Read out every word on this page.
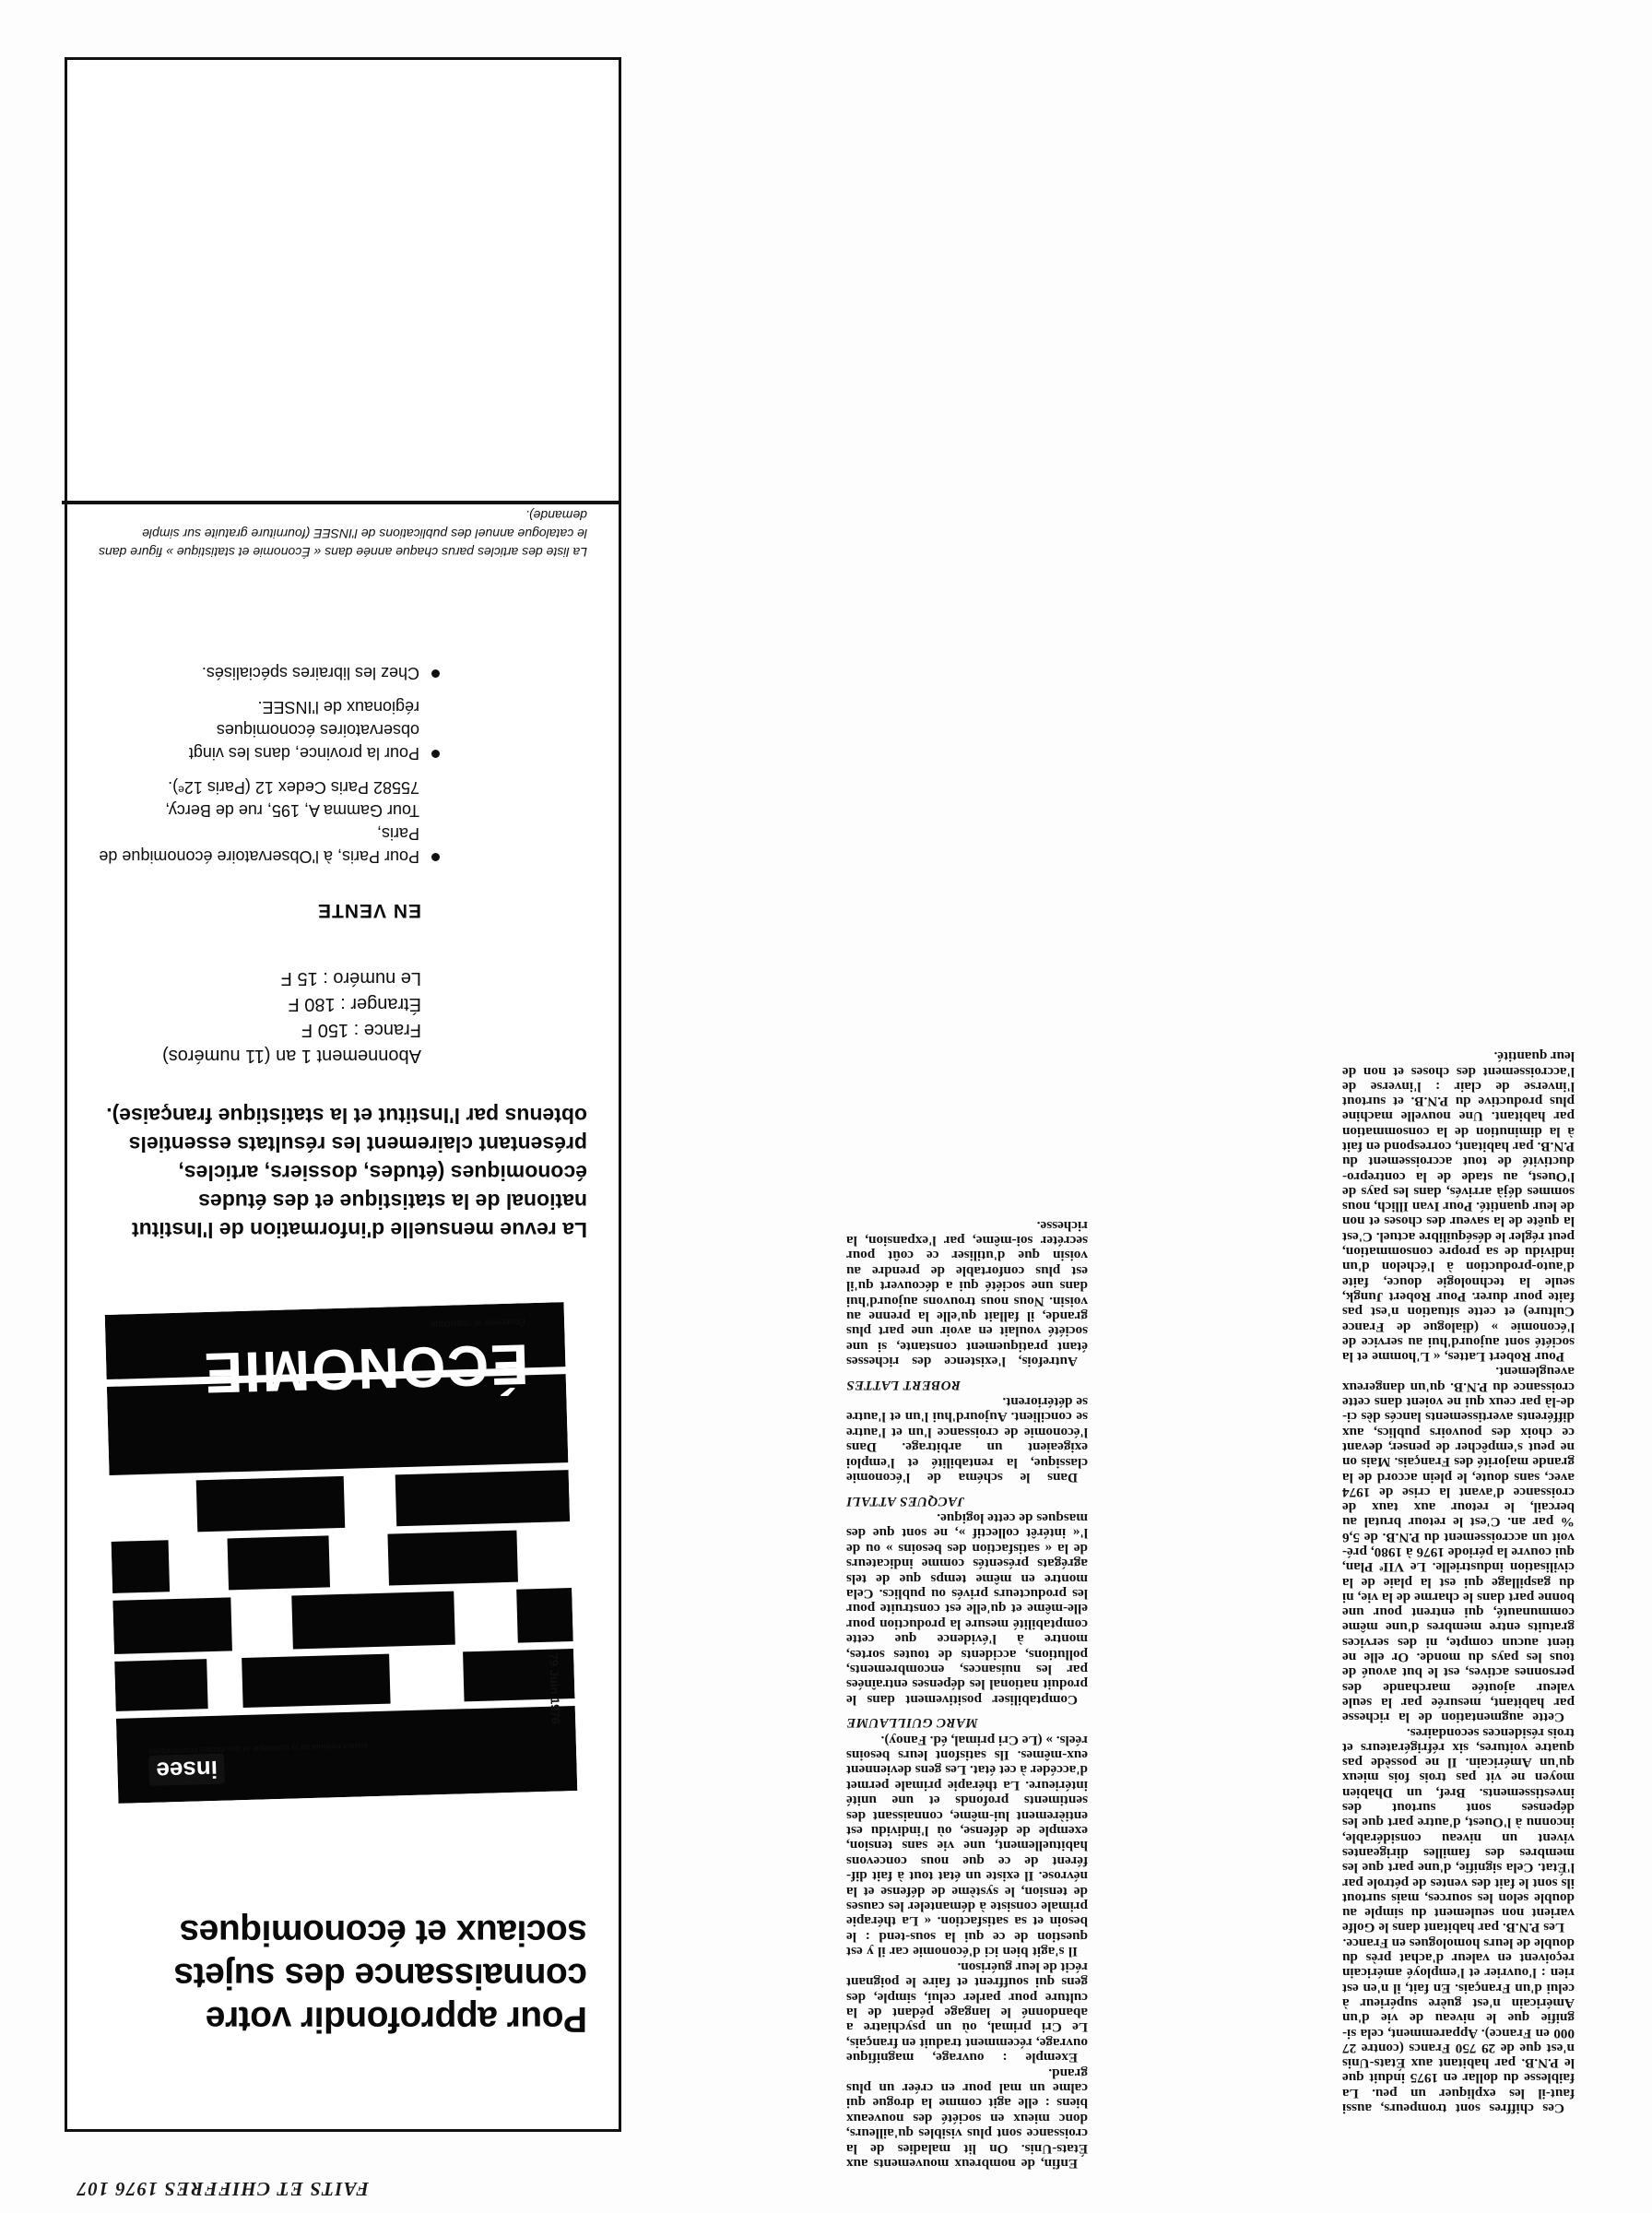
FAITS ET CHIFFRES 1976 107

Ces chiffres sont trompeurs, aussi faut-il les expliquer un peu. La faiblesse du dollar en 1975 induit que le P.N.B. par habitant aux États-Unis n'est que de 29 750 Francs (contre 27 000 en France). Apparemment, cela signifie que le niveau de vie d'un Américain n'est guère supérieur à celui d'un Français. En fait, il n'en est rien : l'ouvrier et l'employé américain reçoivent en valeur d'achat près du double de leurs homologues en France.

Les P.N.B. par habitant dans le Golfe varient non seulement du simple au double selon les sources, mais surtout ils sont le fait des ventes de pétrole par l'État. Cela signifie, d'une part que les membres des familles dirigeantes vivent un niveau considérable, inconnu à l'Ouest, d'autre part que les dépenses sont surtout des investissements. Bref, un Dhabien moyen ne vit pas trois fois mieux qu'un Américain. Il ne possède pas quatre voitures, six réfrigérateurs et trois résidences secondaires.

Cette augmentation de la richesse par habitant, mesurée par la seule valeur ajoutée marchande des personnes actives, est le but avoué de tous les pays du monde. Or elle ne tient aucun compte, ni des services gratuits entre membres d'une même communauté, qui entrent pour une bonne part dans le charme de la vie, ni du gaspillage qui est la plaie de la civilisation industrielle. Le VIIᵉ Plan, qui couvre la période 1976 à 1980, prévoit un accroissement du P.N.B. de 5,6 % par an. C'est le retour brutal au bercail, le retour aux taux de croissance d'avant la crise de 1974 avec, sans doute, le plein accord de la grande majorité des Français. Mais on ne peut s'empêcher de penser, devant ce choix des pouvoirs publics, aux différents avertissements lancés dès ci-de-là par ceux qui ne voient dans cette croissance du P.N.B. qu'un dangereux aveuglement.

Pour Robert Lattes, « L'homme et la société sont aujourd'hui au service de l'économie » (dialogue de France Culture) et cette situation n'est pas faite pour durer. Pour Robert Jungk, seule la technologie douce, faite d'auto-production à l'échelon d'un individu de sa propre consommation, peut régler le déséquilibre actuel. C'est la quête de la saveur des choses et non de leur quantité. Pour Ivan Illich, nous sommes déjà arrivés, dans les pays de l'Ouest, au stade de la contreproductivité de tout accroissement du P.N.B. par habitant, correspond en fait à la diminution de la consommation par habitant. Une nouvelle machine plus productive du P.N.B. et surtout l'inverse de clair : l'inverse de l'accroissement des choses et non de leur quantité.

Enfin, de nombreux mouvements aux États-Unis. On lit maladies de la croissance sont plus visibles qu'ailleurs, donc mieux en société des nouveaux biens : elle agit comme la drogue qui calme un mal pour en créer un plus grand.

Exemple : ouvrage, magnifique ouvrage, récemment traduit en français, Le Cri primal, où un psychiatre a abandonné le langage pédant de la culture pour parler celui, simple, des gens qui souffrent et faire le poignant récit de leur guérison.

Il s'agit bien ici d'économie car il y est question de ce qui la sous-tend : le besoin et sa satisfaction. « La thérapie primale consiste à démanteler les causes de tension, le système de défense et la névrose. Il existe un état tout à fait différent de ce que nous concevons habituellement, une vie sans tension, exemple de défense, où l'individu est entièrement lui-même, connaissant des sentiments profonds et une unité intérieure. La thérapie primale permet d'accéder à cet état. Les gens deviennent eux-mêmes. Ils satisfont leurs besoins réels. » (Le Cri primal, éd. Fanoy).

MARC GUILLAUME

Comptabiliser positivement dans le produit national les dépenses entraînées par les nuisances, encombrements, pollutions, accidents de toutes sortes, montre à l'évidence que cette comptabilité mesure la production pour elle-même et qu'elle est construite pour les producteurs privés ou publics. Cela montre en même temps que de tels agrégats présentés comme indicateurs de la « satisfaction des besoins » ou de l'« intérêt collectif », ne sont que des masques de cette logique.

JACQUES ATTALI

Dans le schéma de l'économie classique, la rentabilité et l'emploi exigeaient un arbitrage. Dans l'économie de croissance l'un et l'autre se concilient. Aujourd'hui l'un et l'autre se détériorent.

ROBERT LATTES

Autrefois, l'existence des richesses étant pratiquement constante, si une société voulait en avoir une part plus grande, il fallait qu'elle la prenne au voisin. Nous nous trouvons aujourd'hui dans une société qui a découvert qu'il est plus confortable de prendre au voisin que d'utiliser ce coût pour secréter soi-même, par l'expansion, la richesse.

Pour approfondir votre connaissance des sujets sociaux et économiques
insee
institut national de la statistique et des études économiques
79 Juin 1976
ÉCONOMIE
Économie et statistique
La revue mensuelle d'information de l'Institut national de la statistique et des études économiques (études, dossiers, articles, présentant clairement les résultats essentiels obtenus par l'Institut et la statistique française).
Abonnement 1 an (11 numéros)
France : 150 F
Étranger : 180 F
Le numéro : 15 F
EN VENTE
Pour Paris, à l'Observatoire économique de Paris,
Tour Gamma A, 195, rue de Bercy,
75582 Paris Cedex 12 (Paris 12ᵉ).
Pour la province, dans les vingt observatoires économiques
régionaux de l'INSEE.
Chez les libraires spécialisés.
La liste des articles parus chaque année dans « Économie et statistique » figure dans le catalogue annuel des publications de l'INSEE (fourniture gratuite sur simple demande).
